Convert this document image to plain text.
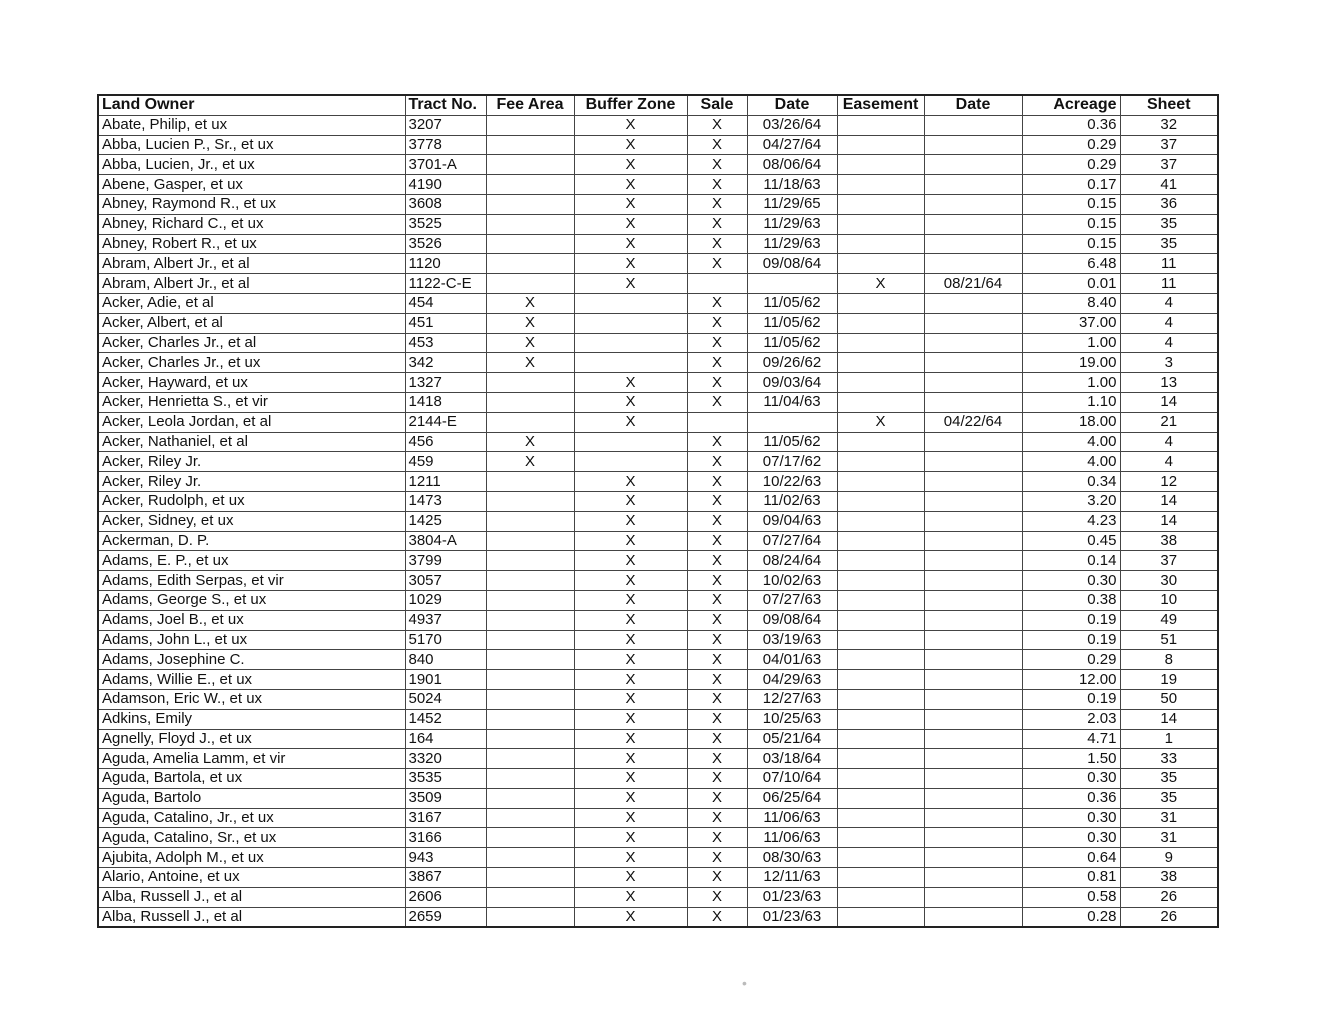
Land Owner	Tract No.	Fee Area	Buffer Zone	Sale	Date	Easement	Date	Acreage	Sheet
Abate, Philip, et ux	3207		X	X	03/26/64			0.36	32
Abba, Lucien P., Sr., et ux	3778		X	X	04/27/64			0.29	37
Abba, Lucien, Jr., et ux	3701-A		X	X	08/06/64			0.29	37
Abene, Gasper, et ux	4190		X	X	11/18/63			0.17	41
Abney, Raymond R., et ux	3608		X	X	11/29/65			0.15	36
Abney, Richard C., et ux	3525		X	X	11/29/63			0.15	35
Abney, Robert R., et ux	3526		X	X	11/29/63			0.15	35
Abram, Albert Jr., et al	1120		X	X	09/08/64			6.48	11
Abram, Albert Jr., et al	1122-C-E		X			X	08/21/64	0.01	11
Acker, Adie, et al	454	X		X	11/05/62			8.40	4
Acker, Albert, et al	451	X		X	11/05/62			37.00	4
Acker, Charles Jr., et al	453	X		X	11/05/62			1.00	4
Acker, Charles Jr., et ux	342	X		X	09/26/62			19.00	3
Acker, Hayward, et ux	1327		X	X	09/03/64			1.00	13
Acker, Henrietta S., et vir	1418		X	X	11/04/63			1.10	14
Acker, Leola Jordan, et al	2144-E		X			X	04/22/64	18.00	21
Acker, Nathaniel, et al	456	X		X	11/05/62			4.00	4
Acker, Riley Jr.	459	X		X	07/17/62			4.00	4
Acker, Riley Jr.	1211		X	X	10/22/63			0.34	12
Acker, Rudolph, et ux	1473		X	X	11/02/63			3.20	14
Acker, Sidney, et ux	1425		X	X	09/04/63			4.23	14
Ackerman, D. P.	3804-A		X	X	07/27/64			0.45	38
Adams, E. P., et ux	3799		X	X	08/24/64			0.14	37
Adams, Edith Serpas, et vir	3057		X	X	10/02/63			0.30	30
Adams, George S., et ux	1029		X	X	07/27/63			0.38	10
Adams, Joel B., et ux	4937		X	X	09/08/64			0.19	49
Adams, John L., et ux	5170		X	X	03/19/63			0.19	51
Adams, Josephine C.	840		X	X	04/01/63			0.29	8
Adams, Willie E., et ux	1901		X	X	04/29/63			12.00	19
Adamson, Eric W., et ux	5024		X	X	12/27/63			0.19	50
Adkins, Emily	1452		X	X	10/25/63			2.03	14
Agnelly, Floyd J., et ux	164		X	X	05/21/64			4.71	1
Aguda, Amelia Lamm, et vir	3320		X	X	03/18/64			1.50	33
Aguda, Bartola, et ux	3535		X	X	07/10/64			0.30	35
Aguda, Bartolo	3509		X	X	06/25/64			0.36	35
Aguda, Catalino, Jr., et ux	3167		X	X	11/06/63			0.30	31
Aguda, Catalino, Sr., et ux	3166		X	X	11/06/63			0.30	31
Ajubita, Adolph M., et ux	943		X	X	08/30/63			0.64	9
Alario, Antoine, et ux	3867		X	X	12/11/63			0.81	38
Alba, Russell J., et al	2606		X	X	01/23/63			0.58	26
Alba, Russell J., et al	2659		X	X	01/23/63			0.28	26
•
